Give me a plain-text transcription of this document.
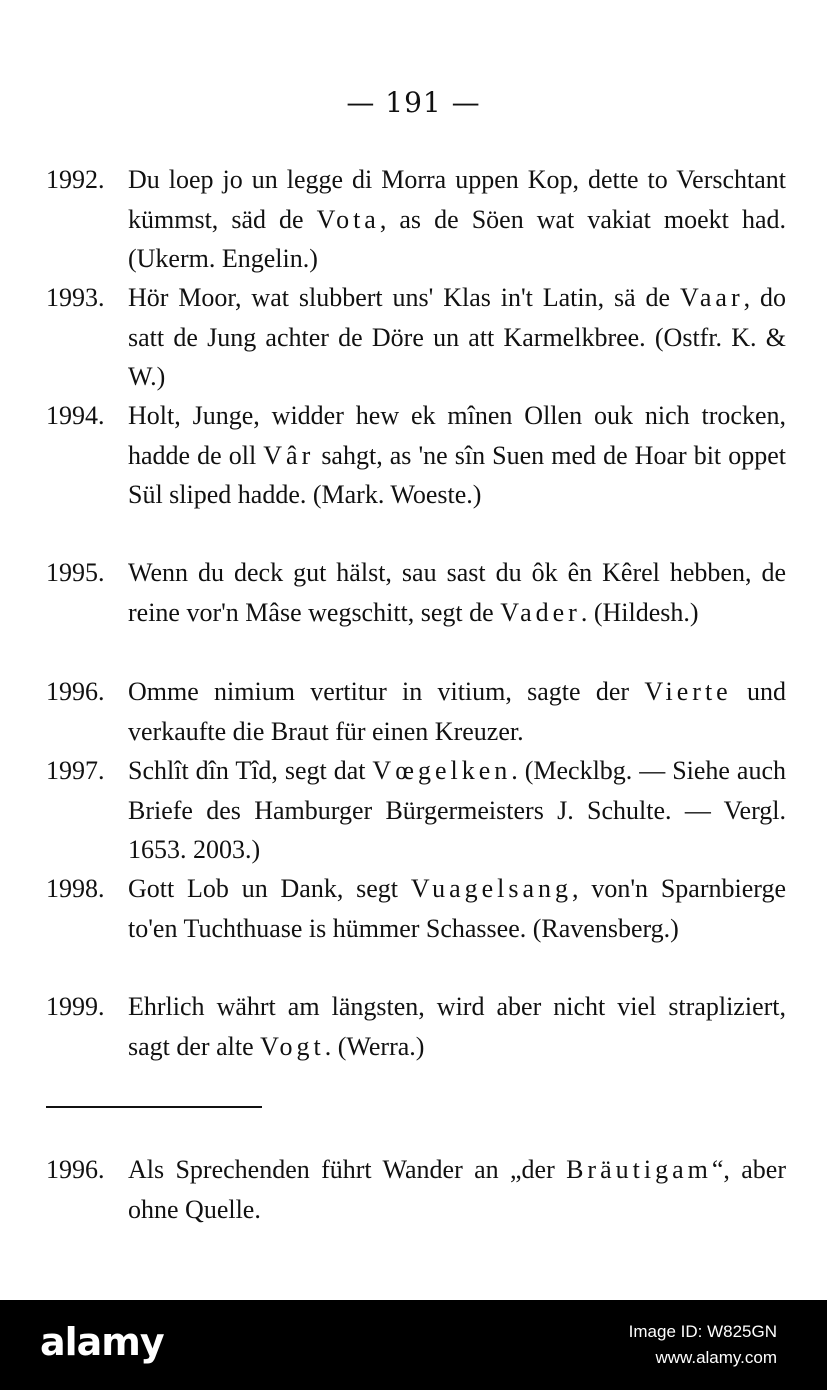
— 191 —
1992. Du loep jo un legge di Morra uppen Kop, dette to Verschtant kümmst, säd de Vota, as de Söen wat vakiat moekt had. (Ukerm. Engelin.)
1993. Hör Moor, wat slubbert uns' Klas in't Latin, sä de Vaar, do satt de Jung achter de Döre un att Karmelkbree. (Ostfr. K. & W.)
1994. Holt, Junge, widder hew ek mînen Ollen ouk nich trocken, hadde de oll Vâr sahgt, as 'ne sîn Suen med de Hoar bit oppet Sül sliped hadde. (Mark. Woeste.)
1995. Wenn du deck gut hälst, sau sast du ôk ên Kêrel hebben, de reine vor'n Mâse wegschitt, segt de Vader. (Hildesh.)
1996. Omme nimium vertitur in vitium, sagte der Vierte und verkaufte die Braut für einen Kreuzer.
1997. Schlît dîn Tîd, segt dat Vœgelken. (Mecklbg. — Siehe auch Briefe des Hamburger Bürgermeisters J. Schulte. — Vergl. 1653. 2003.)
1998. Gott Lob un Dank, segt Vuagelsang, von'n Sparnbierge to'en Tuchthuase is hümmer Schassee. (Ravensberg.)
1999. Ehrlich währt am längsten, wird aber nicht viel strapliziert, sagt der alte Vogt. (Werra.)
1996. Als Sprechenden führt Wander an „der Bräutigam“, aber ohne Quelle.
alamy	Image ID: W825GN
www.alamy.com
